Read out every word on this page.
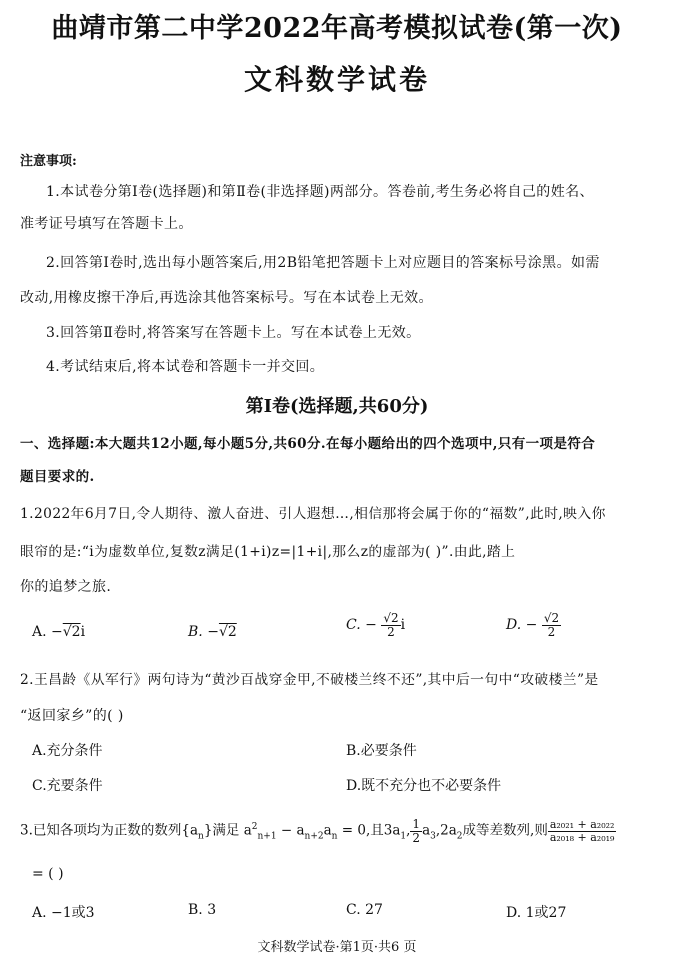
曲靖市第二中学2022年高考模拟试卷(第一次)
文科数学试卷
注意事项:
1.本试卷分第Ⅰ卷(选择题)和第Ⅱ卷(非选择题)两部分。答卷前,考生务必将自己的姓名、
准考证号填写在答题卡上。
2.回答第Ⅰ卷时,选出每小题答案后,用2B铅笔把答题卡上对应题目的答案标号涂黑。如需
改动,用橡皮擦干净后,再选涂其他答案标号。写在本试卷上无效。
3.回答第Ⅱ卷时,将答案写在答题卡上。写在本试卷上无效。
4.考试结束后,将本试卷和答题卡一并交回。
第Ⅰ卷(选择题,共60分)
一、选择题:本大题共12小题,每小题5分,共60分.在每小题给出的四个选项中,只有一项是符合
题目要求的.
1.2022年6月7日,令人期待、激人奋进、引人遐想…,相信那将会属于你的“福数”,此时,映入你
眼帘的是:“i为虚数单位,复数z满足(1+i)z=|1+i|,那么z的虚部为( )”.由此,踏上
你的追梦之旅.
A. −√2i	B. −√2	C. − $\frac{√2}{2}$ i	D. − $\frac{√2}{2}$
2.王昌龄《从军行》两句诗为“黄沙百战穿金甲,不破楼兰终不还”,其中后一句中“攻破楼兰”是
“返回家乡”的( )
A.充分条件	B.必要条件
C.充要条件	D.既不充分也不必要条件
3.已知各项均为正数的数列$\{a_n\}$满足 $a^2_{n+1} - a_{n+2}a_n = 0$,且$3a_1$, $\frac{1}{2} a_3,2a_2$成等差数列,则 $\frac{\text{a₂₀₂₁ + a₂₀₂₂}}{\text{a₂₀₁₈ + a₂₀₁₉}}$
= ( )
A. −1或3	B. 3	C. 27	D. 1或27
文科数学试卷·第1页·共6 页
